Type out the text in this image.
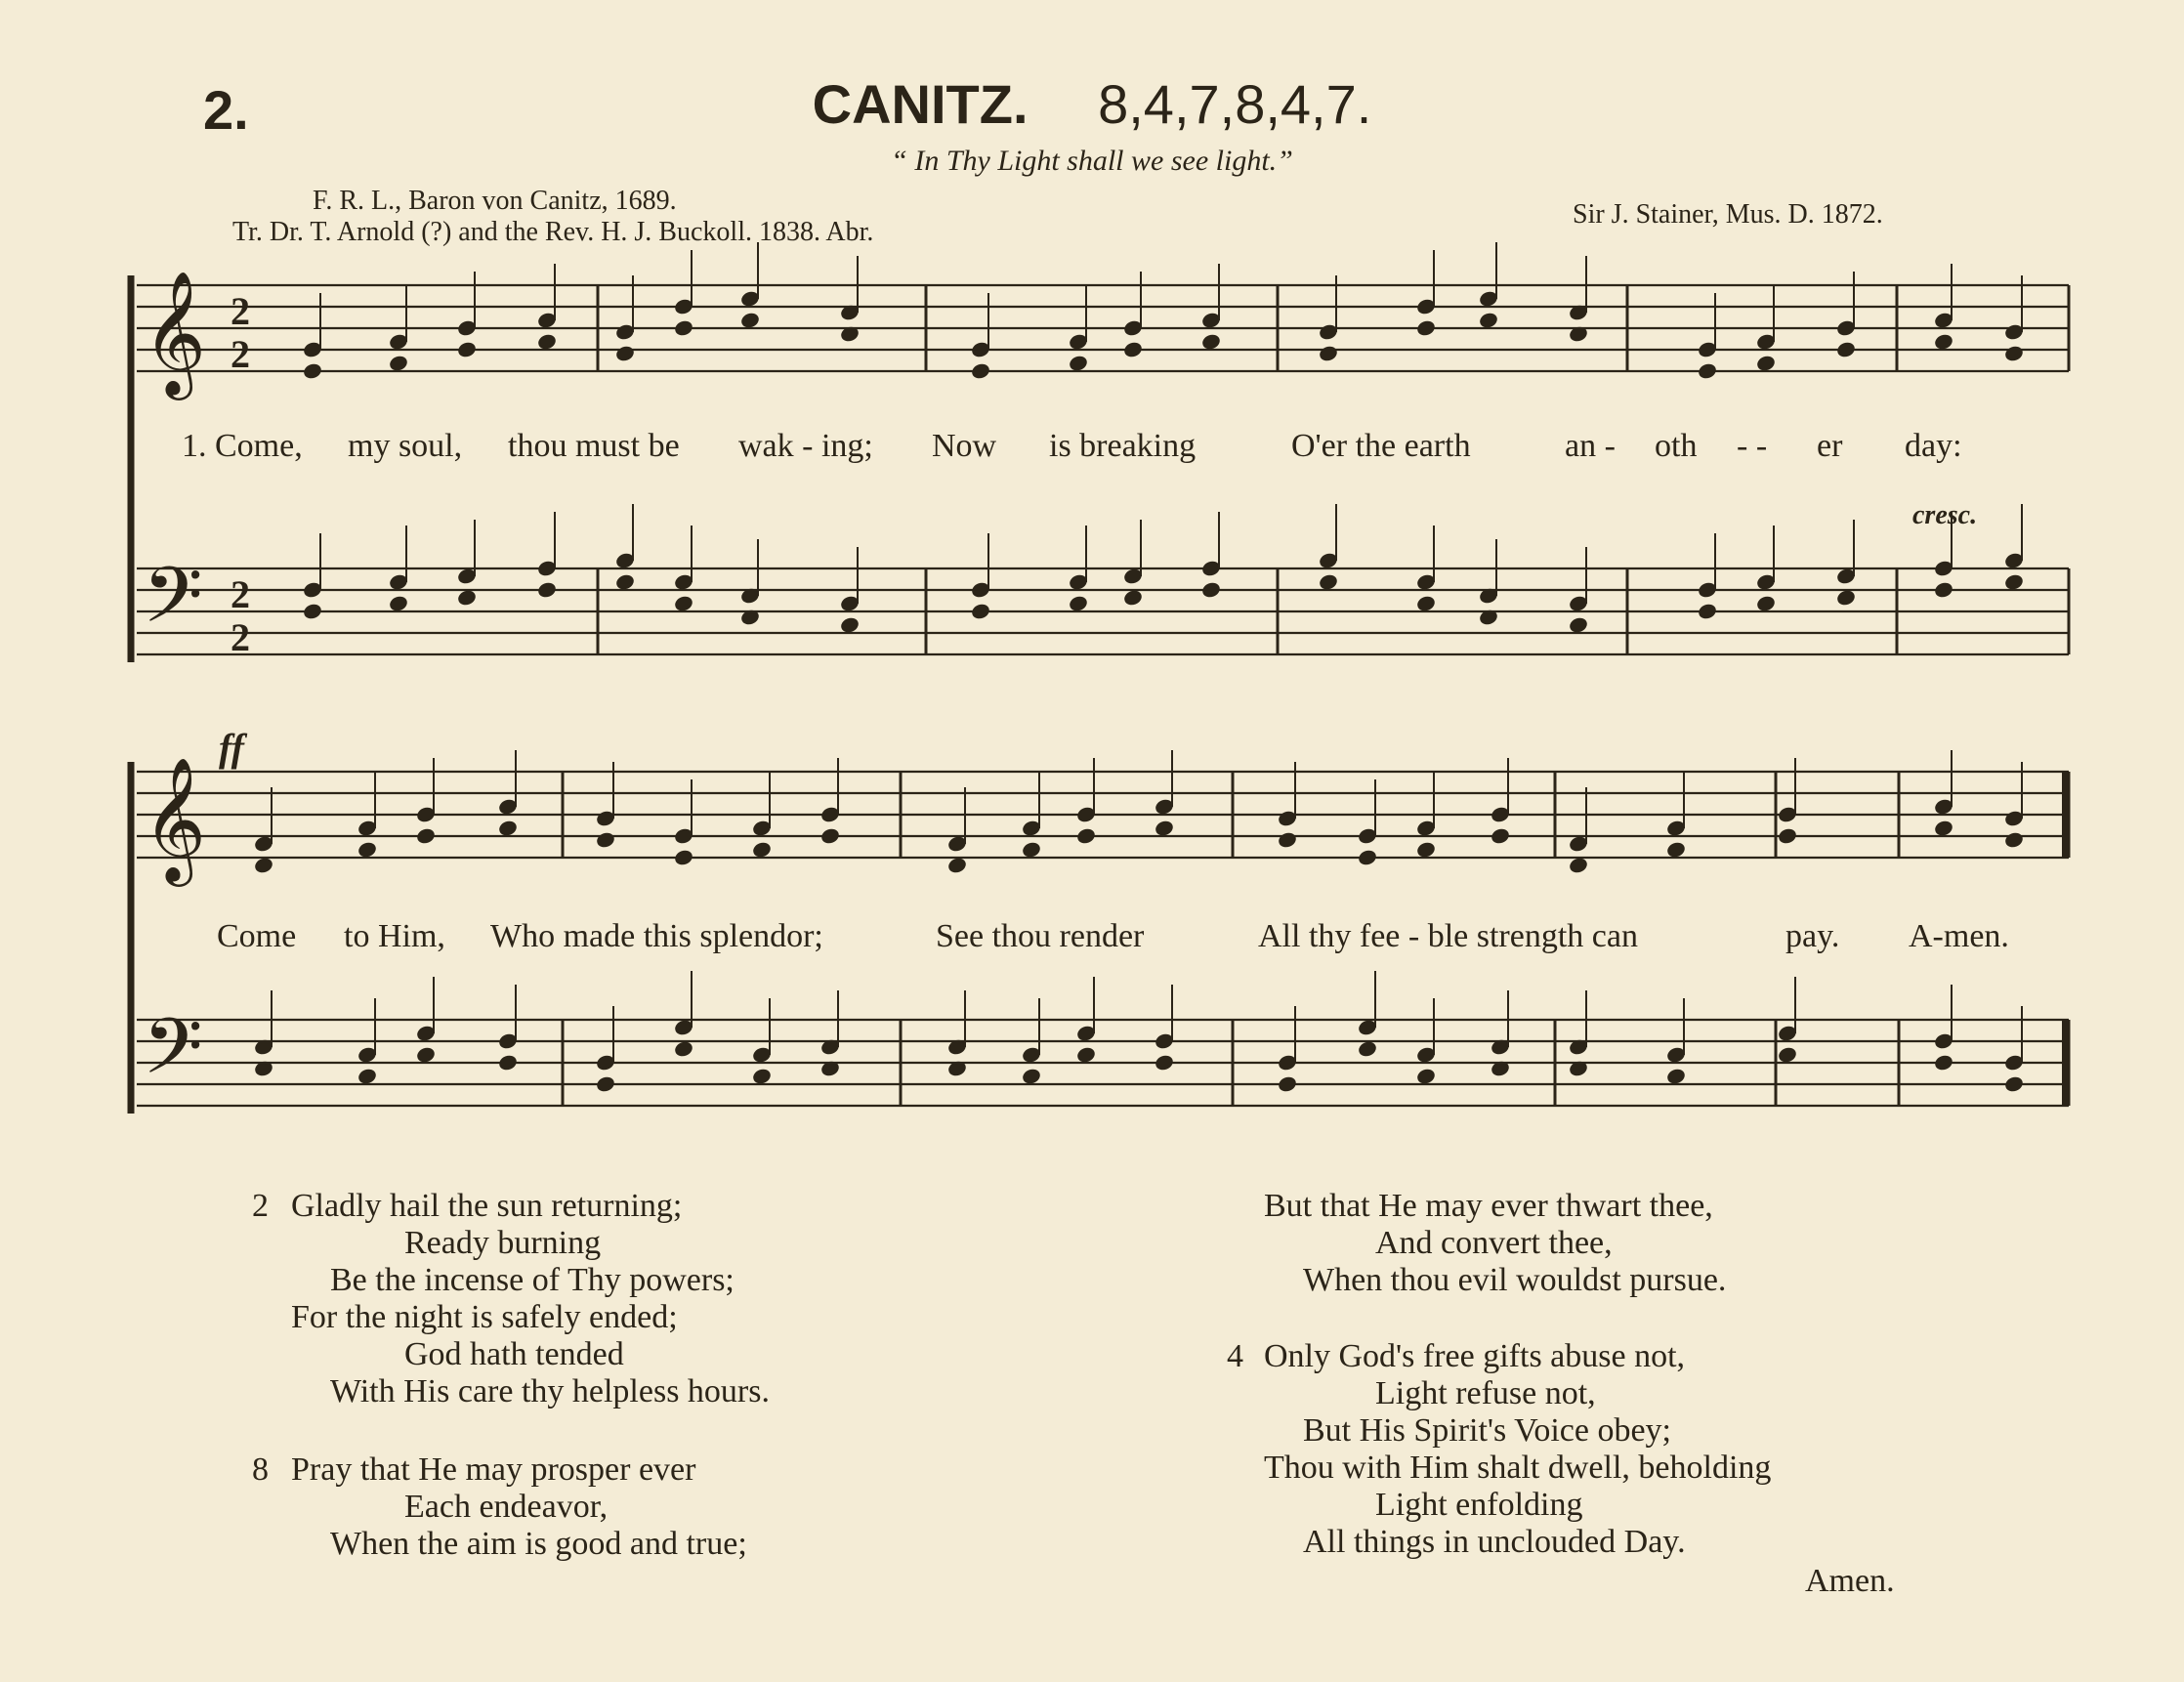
2.	CANITZ. 8,4,7,8,4,7.
“ In Thy Light shall we see light.”
F. R. L., Baron von Canitz, 1689.
Tr. Dr. T. Arnold (?) and the Rev. H. J. Buckoll. 1838. Abr.
Sir J. Stainer, Mus. D. 1872.
𝄞
𝄞
𝄢
𝄢
2
2
2
2
cresc.
ff
1. Come, my soul, thou must be wak - ing; Now is breaking	O'er the earth	an - oth - - er day:
Come to Him, Who made this splendor;	See thou render	All thy fee - ble strength can	pay. A-men.
2 Gladly hail the sun returning;
Ready burning
Be the incense of Thy powers;
For the night is safely ended;
God hath tended
With His care thy helpless hours.
8 Pray that He may prosper ever
Each endeavor,
When the aim is good and true;
But that He may ever thwart thee,
And convert thee,
When thou evil wouldst pursue.
4 Only God's free gifts abuse not,
Light refuse not,
But His Spirit's Voice obey;
Thou with Him shalt dwell, beholding
Light enfolding
All things in unclouded Day.
Amen.
